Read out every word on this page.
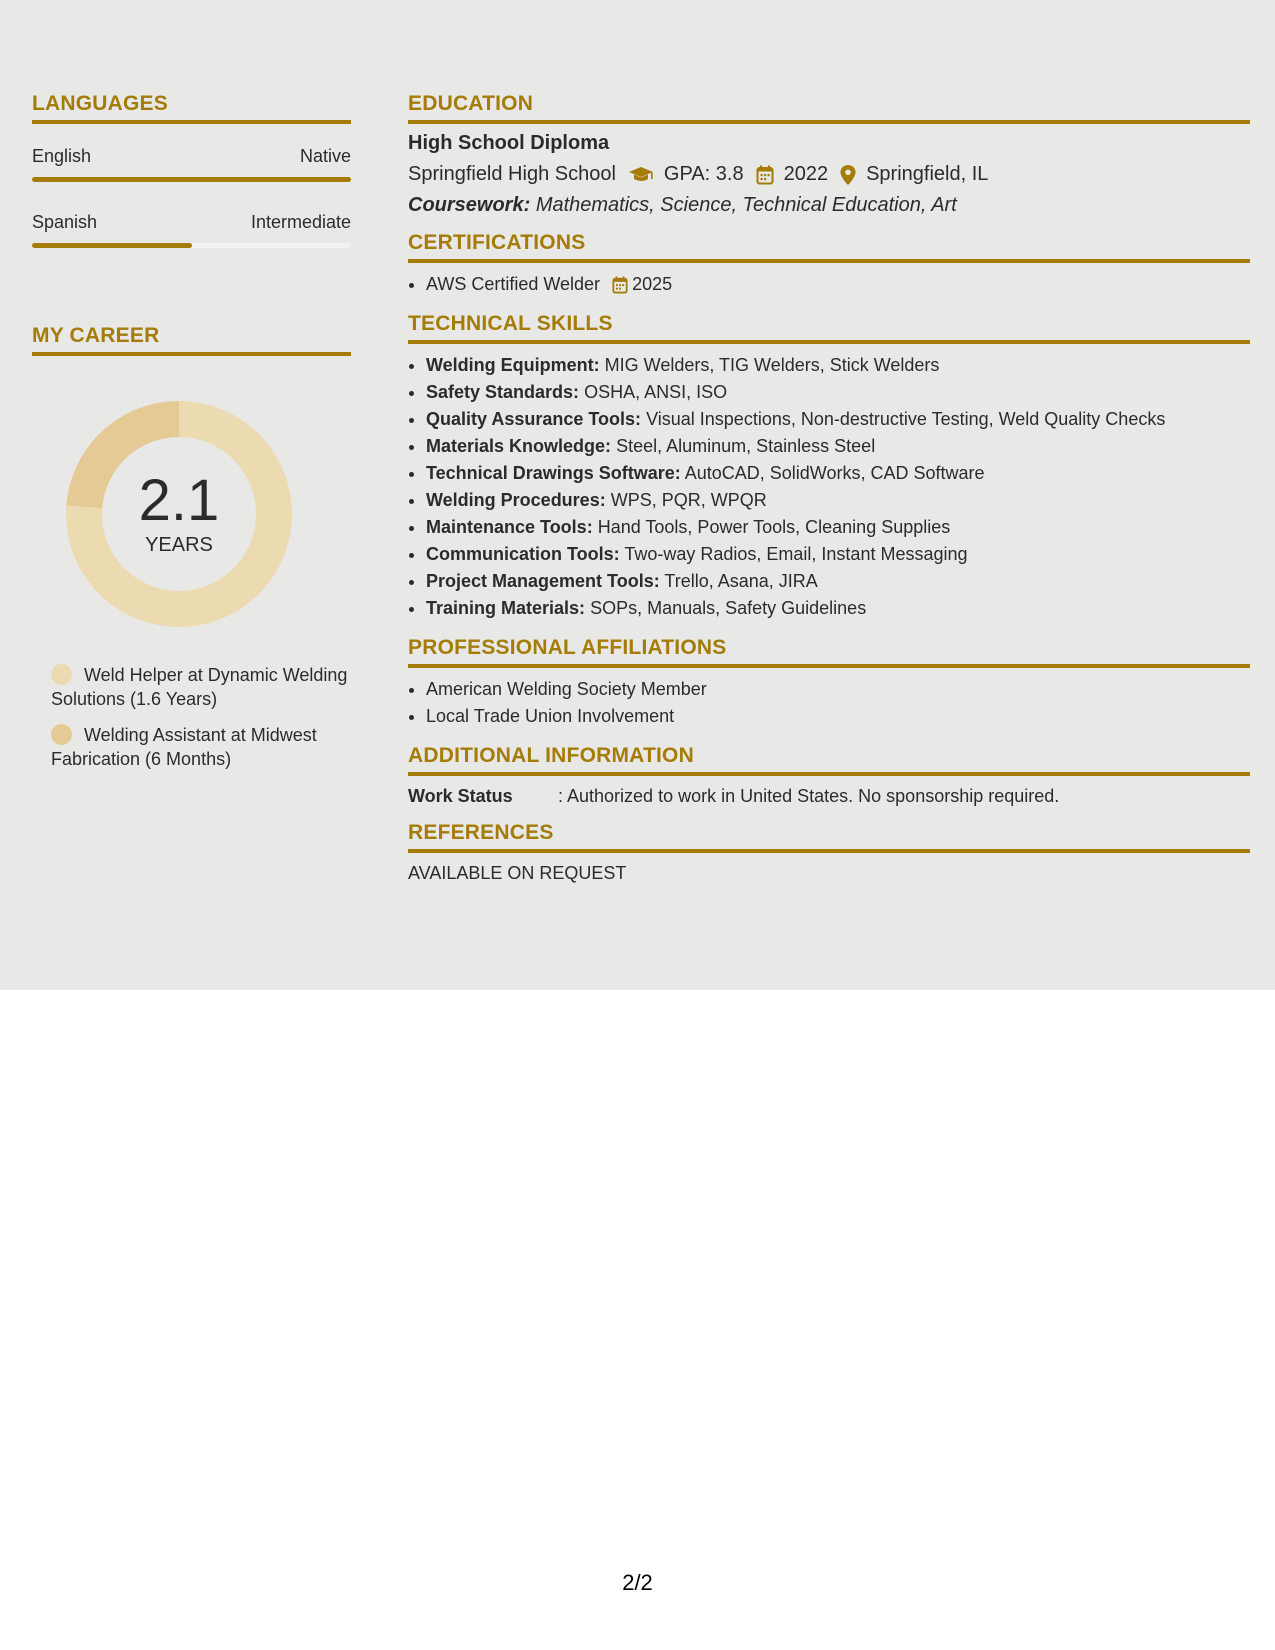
LANGUAGES
English	Native
Spanish	Intermediate
MY CAREER
2.1
YEARS
Weld Helper at Dynamic Welding Solutions (1.6 Years)
Welding Assistant at Midwest Fabrication (6 Months)
EDUCATION
High School Diploma
Springfield High School GPA: 3.8 2022 Springfield, IL
Coursework: Mathematics, Science, Technical Education, Art
CERTIFICATIONS
• AWS Certified Welder 2025
TECHNICAL SKILLS
• Welding Equipment: MIG Welders, TIG Welders, Stick Welders
• Safety Standards: OSHA, ANSI, ISO
• Quality Assurance Tools: Visual Inspections, Non-destructive Testing, Weld Quality Checks
• Materials Knowledge: Steel, Aluminum, Stainless Steel
• Technical Drawings Software: AutoCAD, SolidWorks, CAD Software
• Welding Procedures: WPS, PQR, WPQR
• Maintenance Tools: Hand Tools, Power Tools, Cleaning Supplies
• Communication Tools: Two-way Radios, Email, Instant Messaging
• Project Management Tools: Trello, Asana, JIRA
• Training Materials: SOPs, Manuals, Safety Guidelines
PROFESSIONAL AFFILIATIONS
• American Welding Society Member
• Local Trade Union Involvement
ADDITIONAL INFORMATION
Work Status	: Authorized to work in United States. No sponsorship required.
REFERENCES
AVAILABLE ON REQUEST
2/2
